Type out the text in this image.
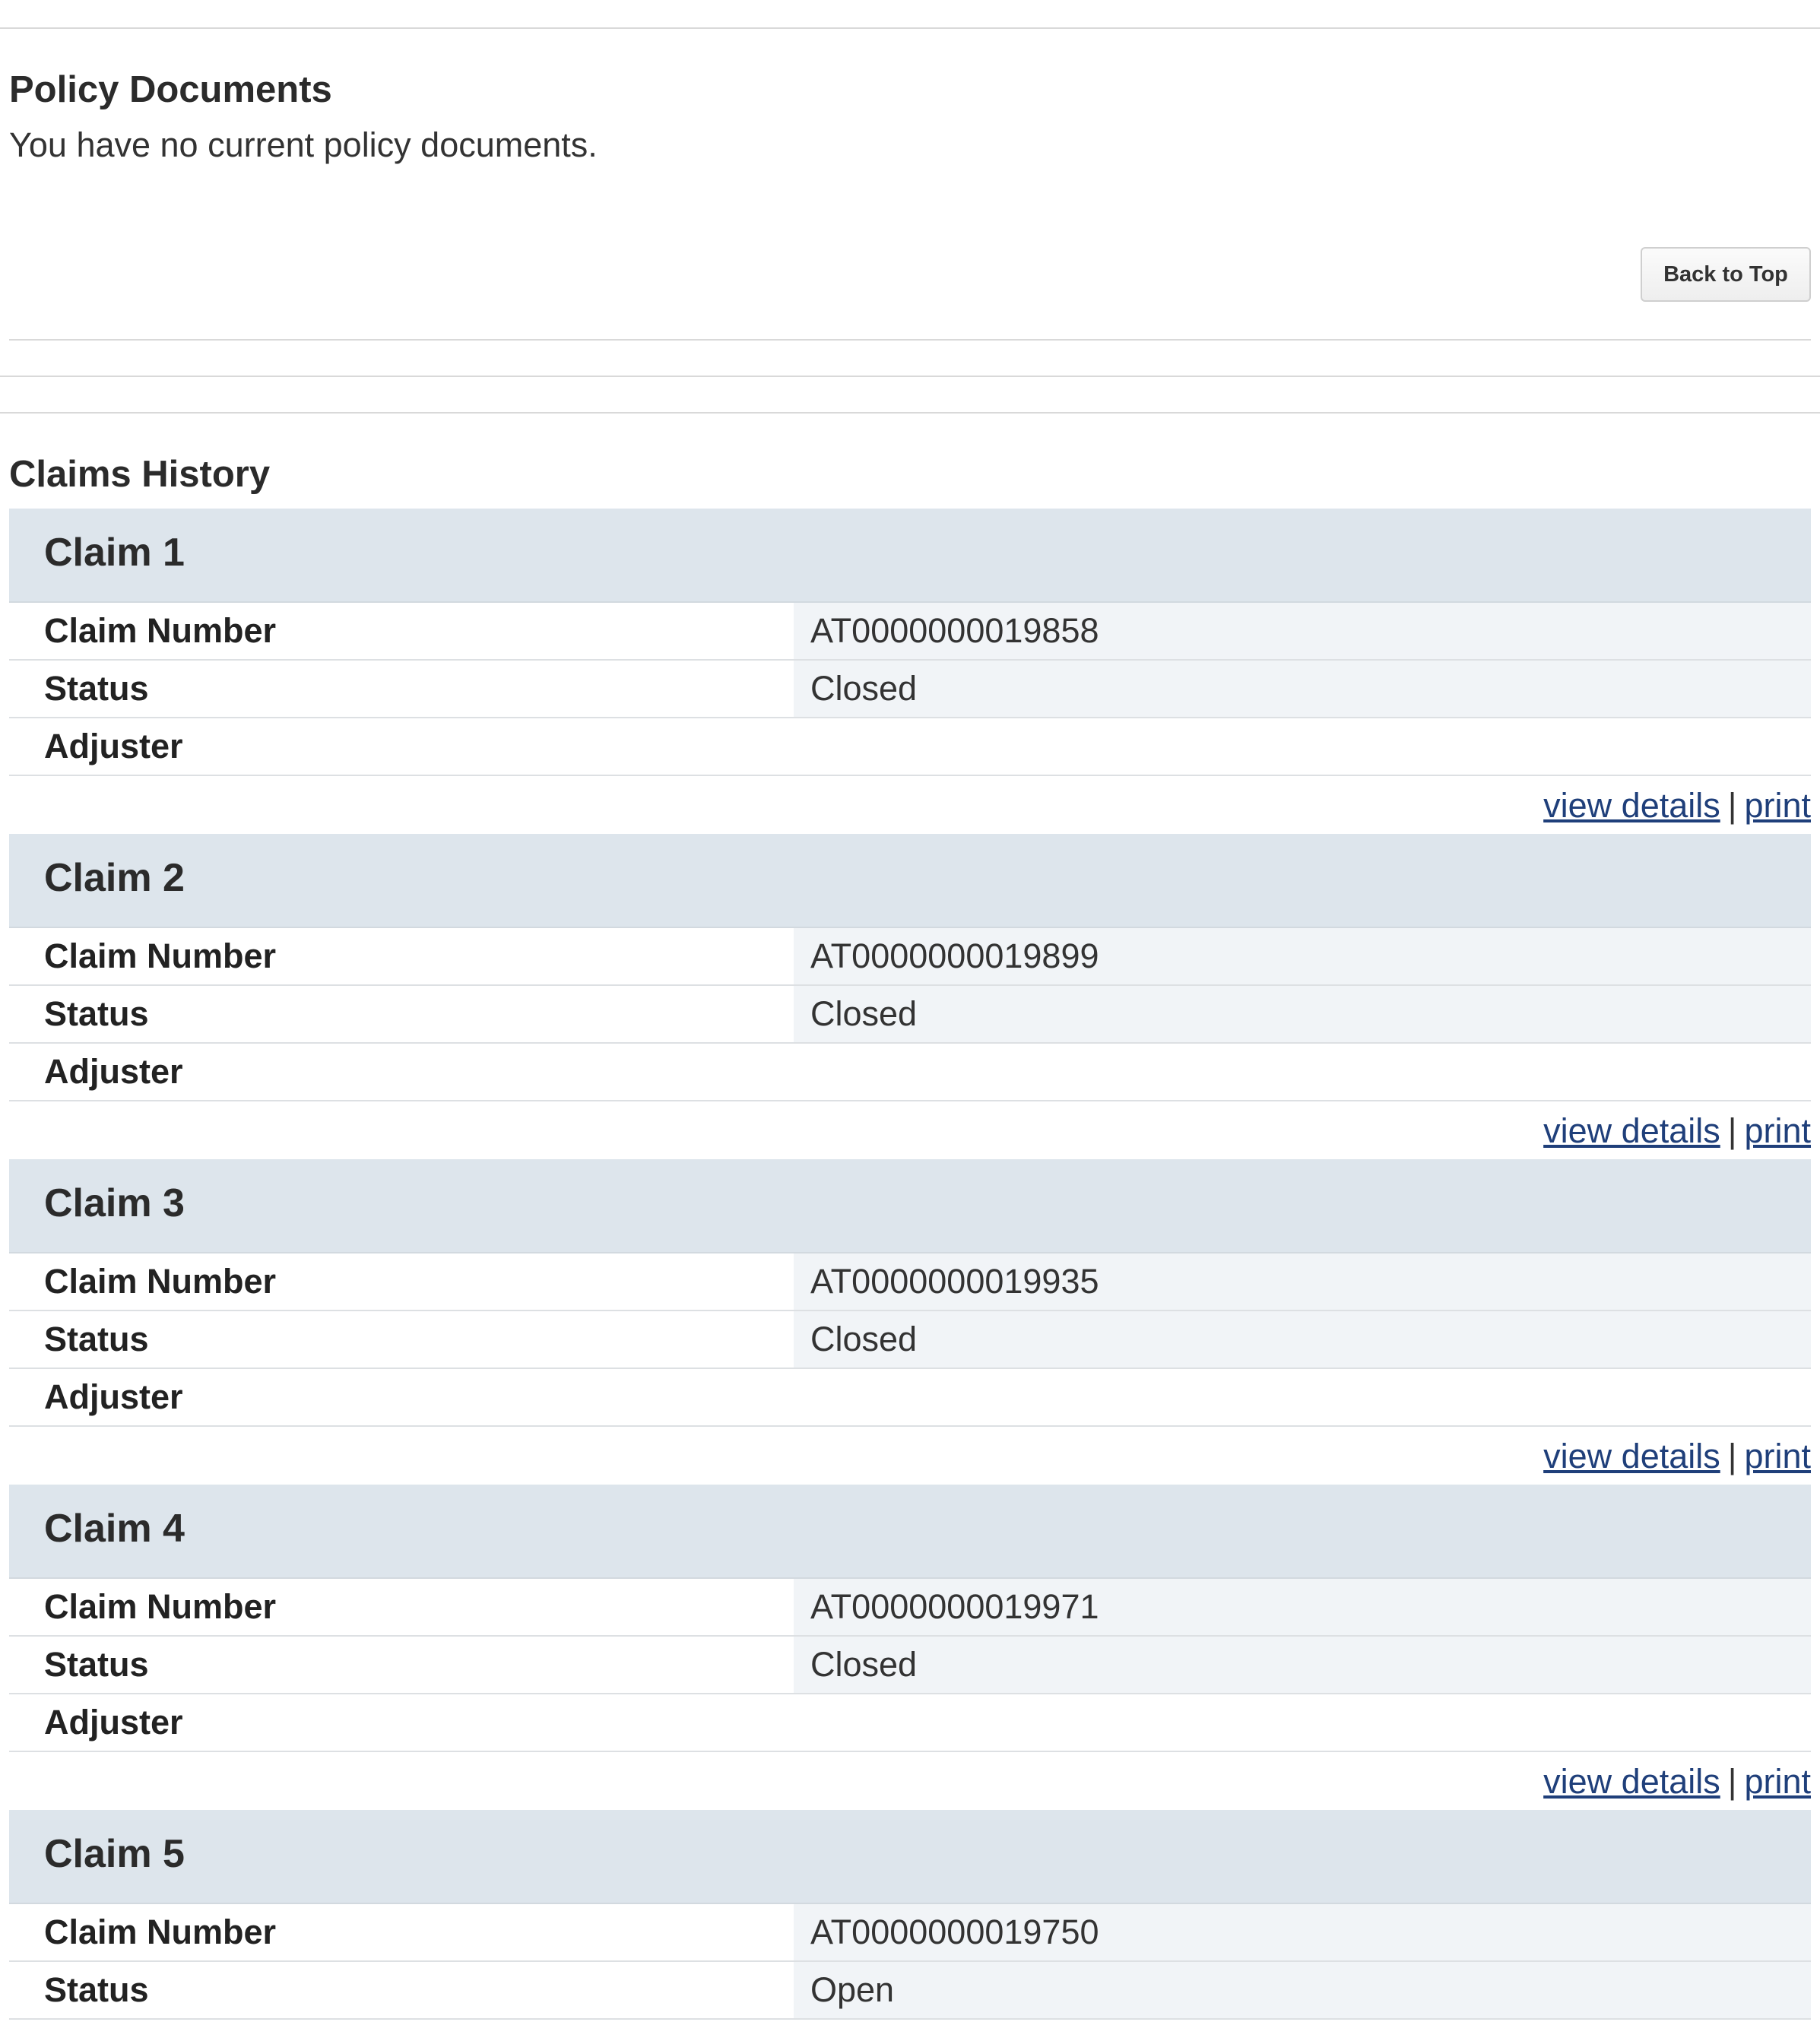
Policy Documents
You have no current policy documents.
Back to Top
Claims History
Claim 1
Claim Number	AT0000000019858
Status	Closed
Adjuster
view details | print
Claim 2
Claim Number	AT0000000019899
Status	Closed
Adjuster
view details | print
Claim 3
Claim Number	AT0000000019935
Status	Closed
Adjuster
view details | print
Claim 4
Claim Number	AT0000000019971
Status	Closed
Adjuster
view details | print
Claim 5
Claim Number	AT0000000019750
Status	Open
